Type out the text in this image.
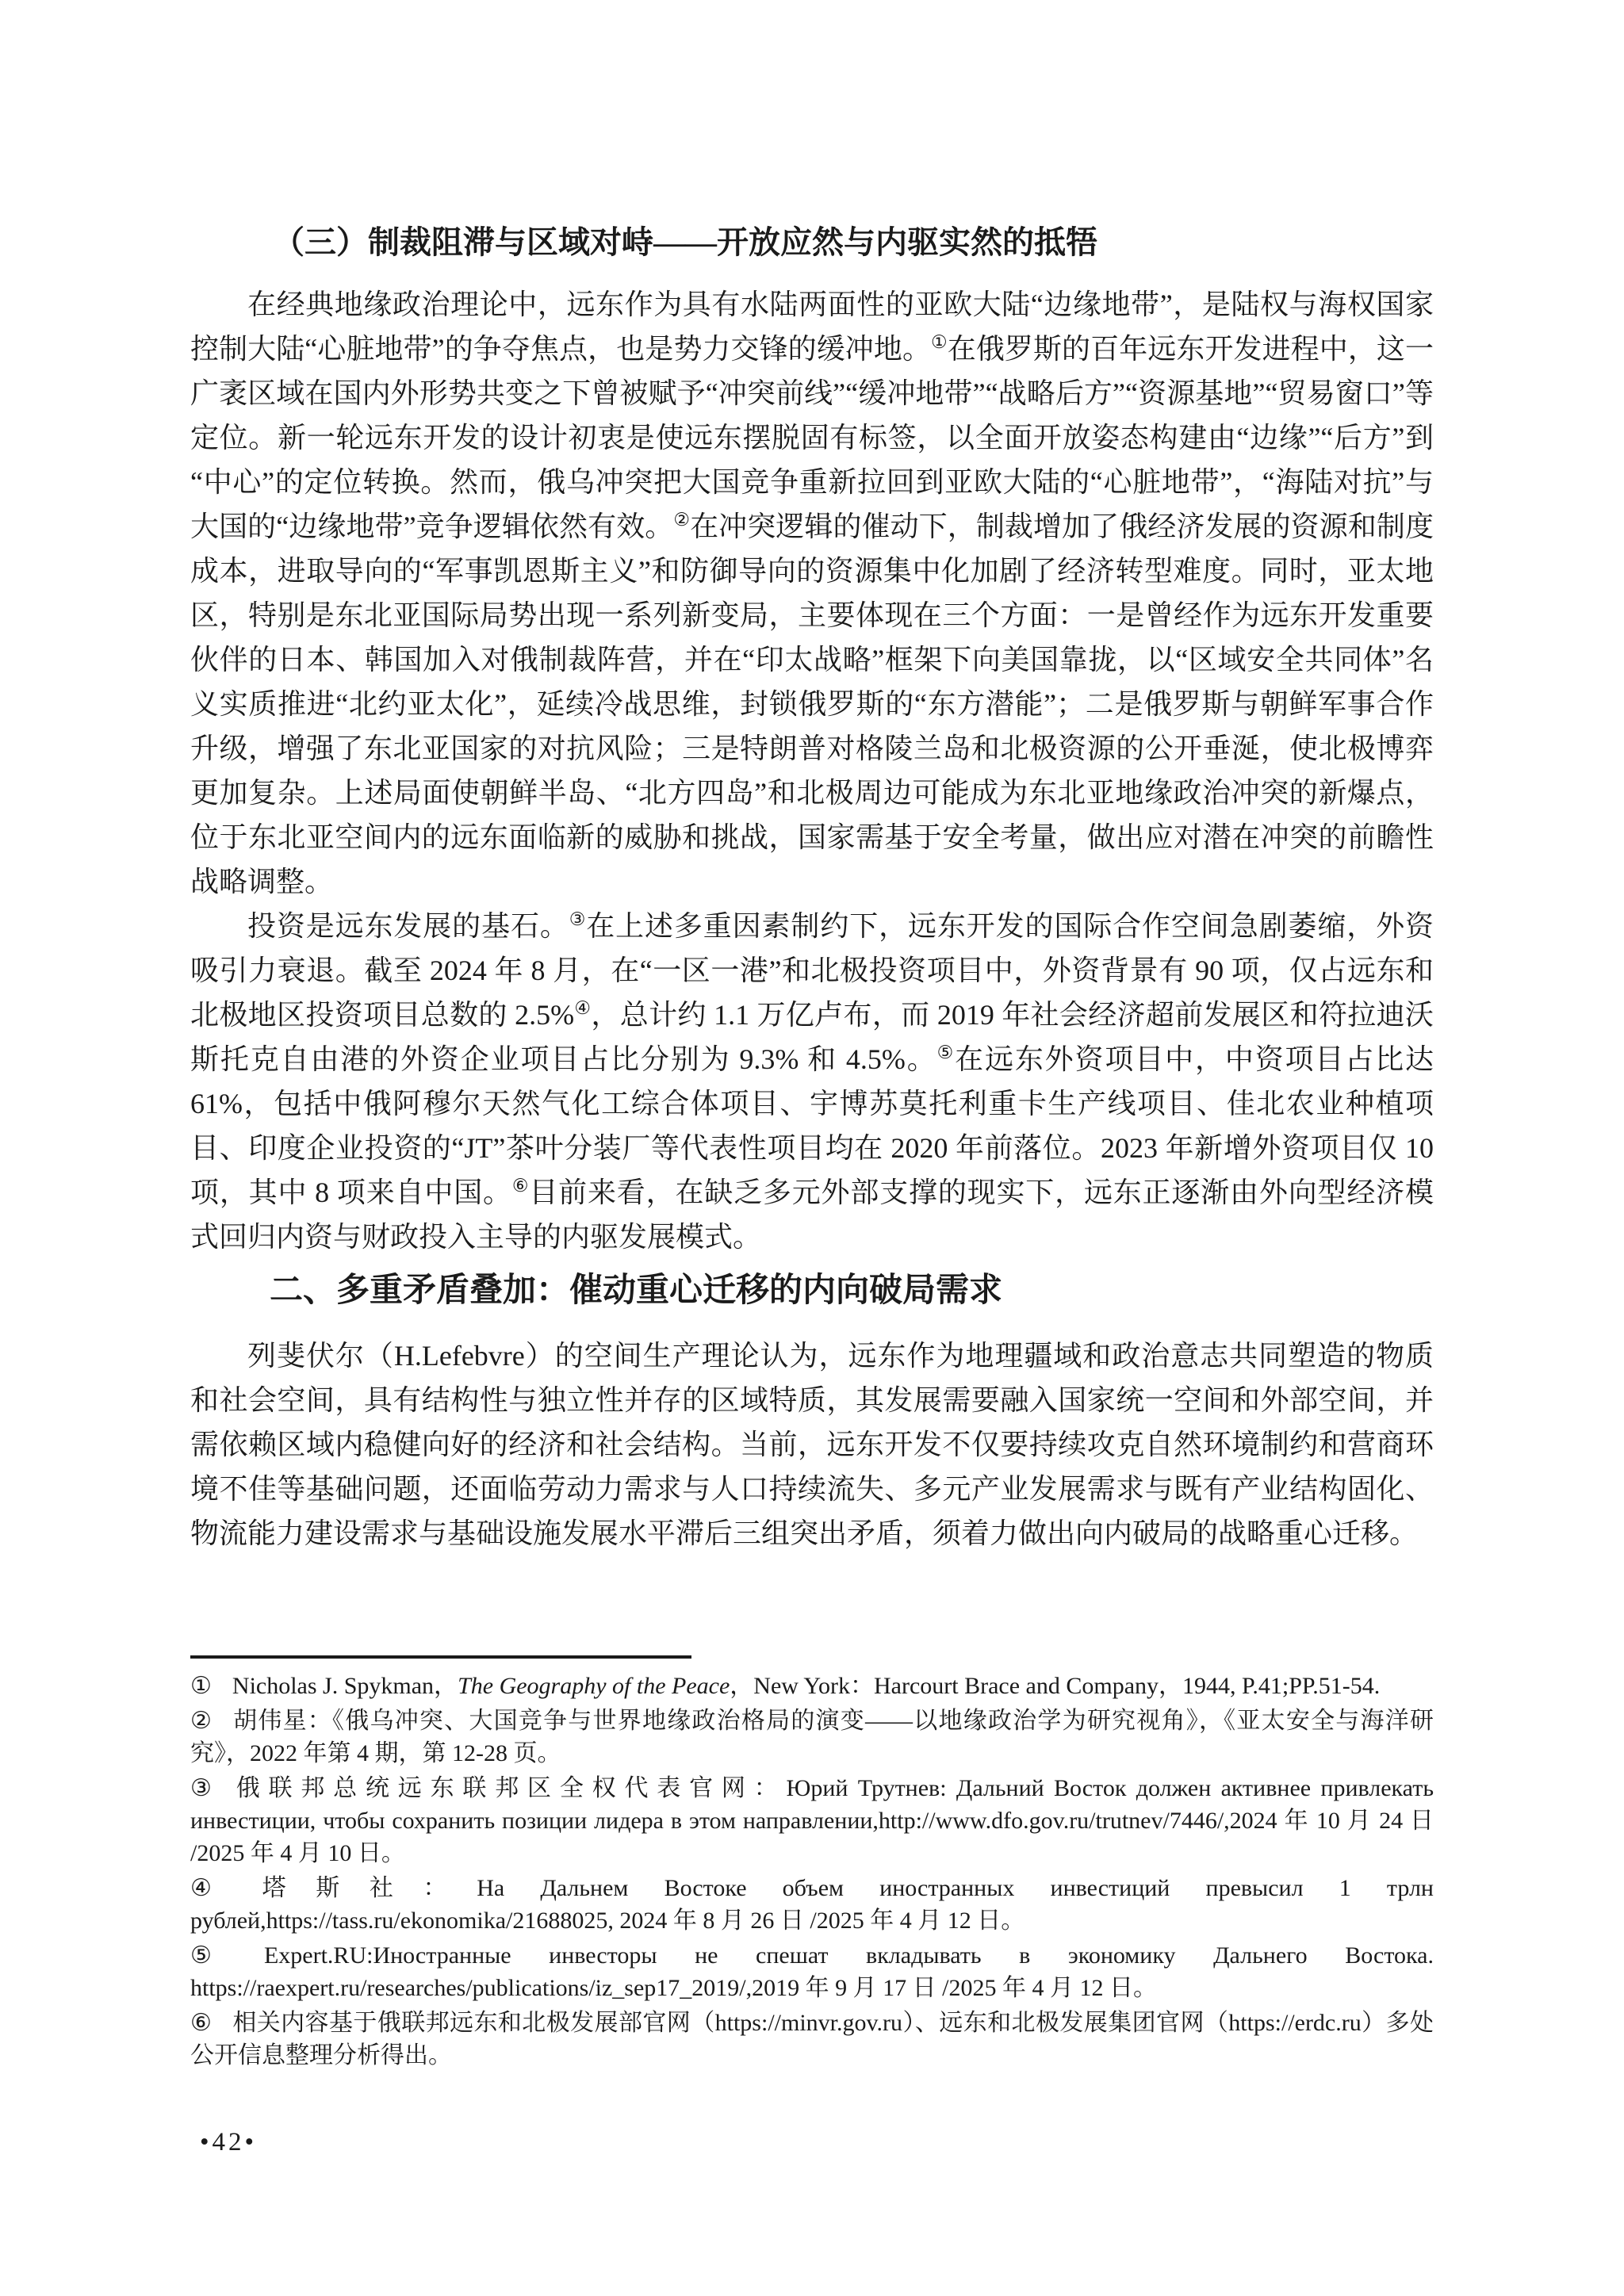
（三）制裁阻滞与区域对峙——开放应然与内驱实然的抵牾

在经典地缘政治理论中，远东作为具有水陆两面性的亚欧大陆“边缘地带”，是陆权与海权国家控制大陆“心脏地带”的争夺焦点，也是势力交锋的缓冲地。①在俄罗斯的百年远东开发进程中，这一广袤区域在国内外形势共变之下曾被赋予“冲突前线”“缓冲地带”“战略后方”“资源基地”“贸易窗口”等定位。新一轮远东开发的设计初衷是使远东摆脱固有标签，以全面开放姿态构建由“边缘”“后方”到“中心”的定位转换。然而，俄乌冲突把大国竞争重新拉回到亚欧大陆的“心脏地带”，“海陆对抗”与大国的“边缘地带”竞争逻辑依然有效。②在冲突逻辑的催动下，制裁增加了俄经济发展的资源和制度成本，进取导向的“军事凯恩斯主义”和防御导向的资源集中化加剧了经济转型难度。同时，亚太地区，特别是东北亚国际局势出现一系列新变局，主要体现在三个方面：一是曾经作为远东开发重要伙伴的日本、韩国加入对俄制裁阵营，并在“印太战略”框架下向美国靠拢，以“区域安全共同体”名义实质推进“北约亚太化”，延续冷战思维，封锁俄罗斯的“东方潜能”；二是俄罗斯与朝鲜军事合作升级，增强了东北亚国家的对抗风险；三是特朗普对格陵兰岛和北极资源的公开垂涎，使北极博弈更加复杂。上述局面使朝鲜半岛、“北方四岛”和北极周边可能成为东北亚地缘政治冲突的新爆点，位于东北亚空间内的远东面临新的威胁和挑战，国家需基于安全考量，做出应对潜在冲突的前瞻性战略调整。

投资是远东发展的基石。③在上述多重因素制约下，远东开发的国际合作空间急剧萎缩，外资吸引力衰退。截至 2024 年 8 月，在“一区一港”和北极投资项目中，外资背景有 90 项，仅占远东和北极地区投资项目总数的 2.5%④，总计约 1.1 万亿卢布，而 2019 年社会经济超前发展区和符拉迪沃斯托克自由港的外资企业项目占比分别为 9.3% 和 4.5%。⑤在远东外资项目中，中资项目占比达 61%，包括中俄阿穆尔天然气化工综合体项目、宇博苏莫托利重卡生产线项目、佳北农业种植项目、印度企业投资的“JT”茶叶分装厂等代表性项目均在 2020 年前落位。2023 年新增外资项目仅 10 项，其中 8 项来自中国。⑥目前来看，在缺乏多元外部支撑的现实下，远东正逐渐由外向型经济模式回归内资与财政投入主导的内驱发展模式。

二、多重矛盾叠加：催动重心迁移的内向破局需求

列斐伏尔（H.Lefebvre）的空间生产理论认为，远东作为地理疆域和政治意志共同塑造的物质和社会空间，具有结构性与独立性并存的区域特质，其发展需要融入国家统一空间和外部空间，并需依赖区域内稳健向好的经济和社会结构。当前，远东开发不仅要持续攻克自然环境制约和营商环境不佳等基础问题，还面临劳动力需求与人口持续流失、多元产业发展需求与既有产业结构固化、物流能力建设需求与基础设施发展水平滞后三组突出矛盾，须着力做出向内破局的战略重心迁移。

① Nicholas J. Spykman，The Geography of the Peace，New York：Harcourt Brace and Company，1944, P.41;PP.51-54.
② 胡伟星：《俄乌冲突、大国竞争与世界地缘政治格局的演变——以地缘政治学为研究视角》，《亚太安全与海洋研究》，2022 年第 4 期，第 12-28 页。
③ 俄联邦总统远东联邦区全权代表官网：Юрий Трутнев: Дальний Восток должен активнее привлекать инвестиции, чтобы сохранить позиции лидера в этом направлении,http://www.dfo.gov.ru/trutnev/7446/,2024 年 10 月 24 日 /2025 年 4 月 10 日。
④ 塔斯社：На Дальнем Востоке объем иностранных инвестиций превысил 1 трлн рублей,https://tass.ru/ekonomika/21688025, 2024 年 8 月 26 日 /2025 年 4 月 12 日。
⑤ Expert.RU:Иностранные инвесторы не спешат вкладывать в экономику Дальнего Востока. https://raexpert.ru/researches/publications/iz_sep17_2019/,2019 年 9 月 17 日 /2025 年 4 月 12 日。
⑥ 相关内容基于俄联邦远东和北极发展部官网（https://minvr.gov.ru）、远东和北极发展集团官网（https://erdc.ru）多处公开信息整理分析得出。
•42•
